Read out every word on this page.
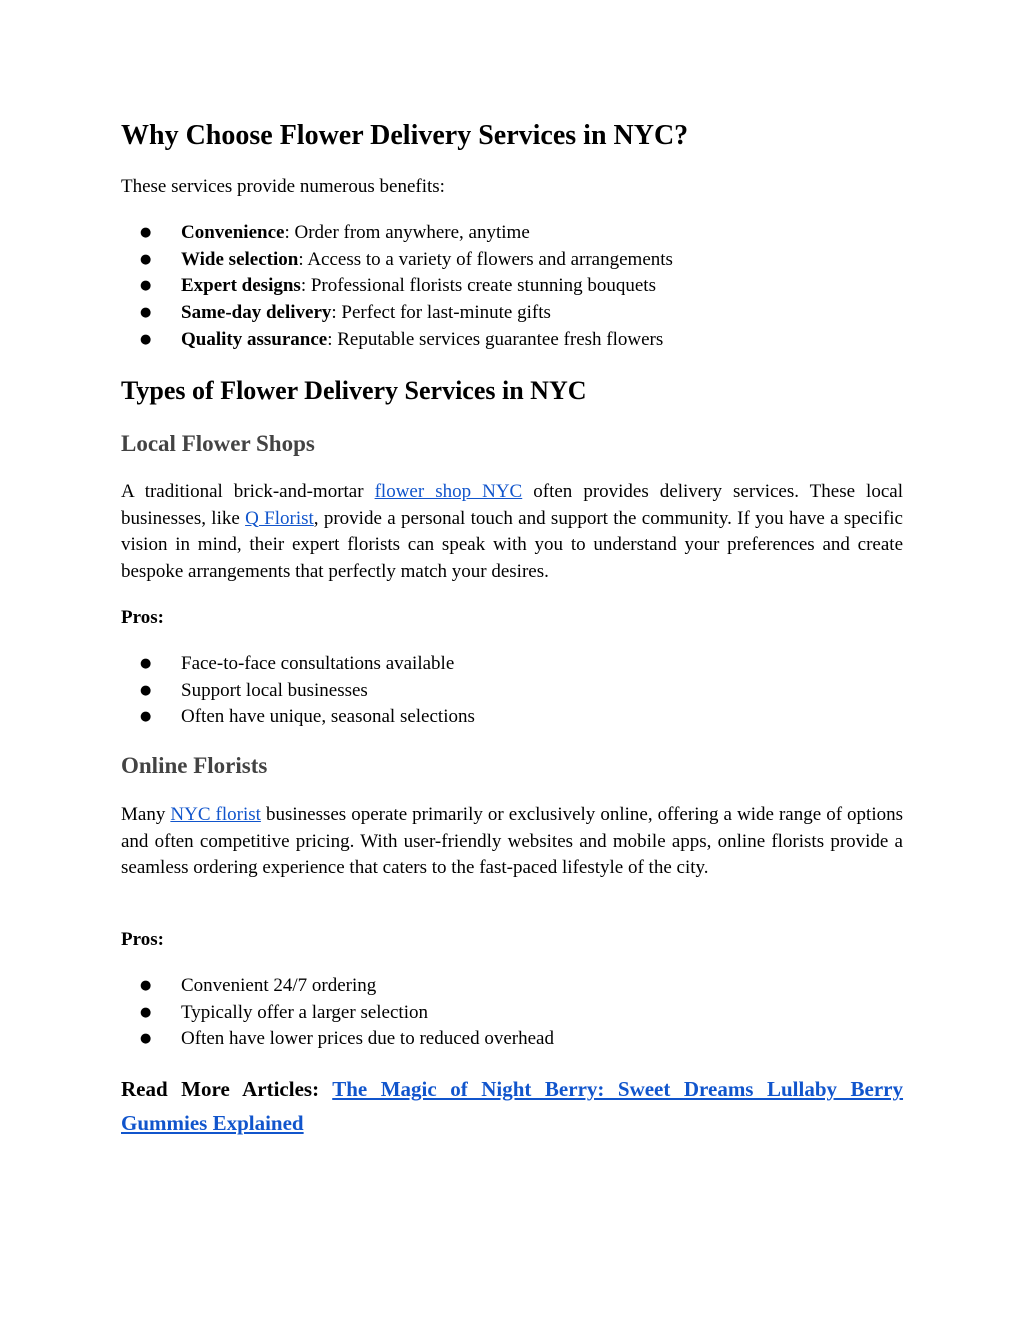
Why Choose Flower Delivery Services in NYC?

These services provide numerous benefits:

● Convenience: Order from anywhere, anytime
● Wide selection: Access to a variety of flowers and arrangements
● Expert designs: Professional florists create stunning bouquets
● Same-day delivery: Perfect for last-minute gifts
● Quality assurance: Reputable services guarantee fresh flowers
Types of Flower Delivery Services in NYC
Local Flower Shops

A traditional brick-and-mortar flower shop NYC often provides delivery services. These local businesses, like Q Florist, provide a personal touch and support the community. If you have a specific vision in mind, their expert florists can speak with you to understand your preferences and create bespoke arrangements that perfectly match your desires.

Pros:

● Face-to-face consultations available
● Support local businesses
● Often have unique, seasonal selections
Online Florists

Many NYC florist businesses operate primarily or exclusively online, offering a wide range of options and often competitive pricing. With user-friendly websites and mobile apps, online florists provide a seamless ordering experience that caters to the fast-paced lifestyle of the city.

Pros:

● Convenient 24/7 ordering
● Typically offer a larger selection
● Often have lower prices due to reduced overhead

Read More Articles: The Magic of Night Berry: Sweet Dreams Lullaby Berry Gummies Explained
